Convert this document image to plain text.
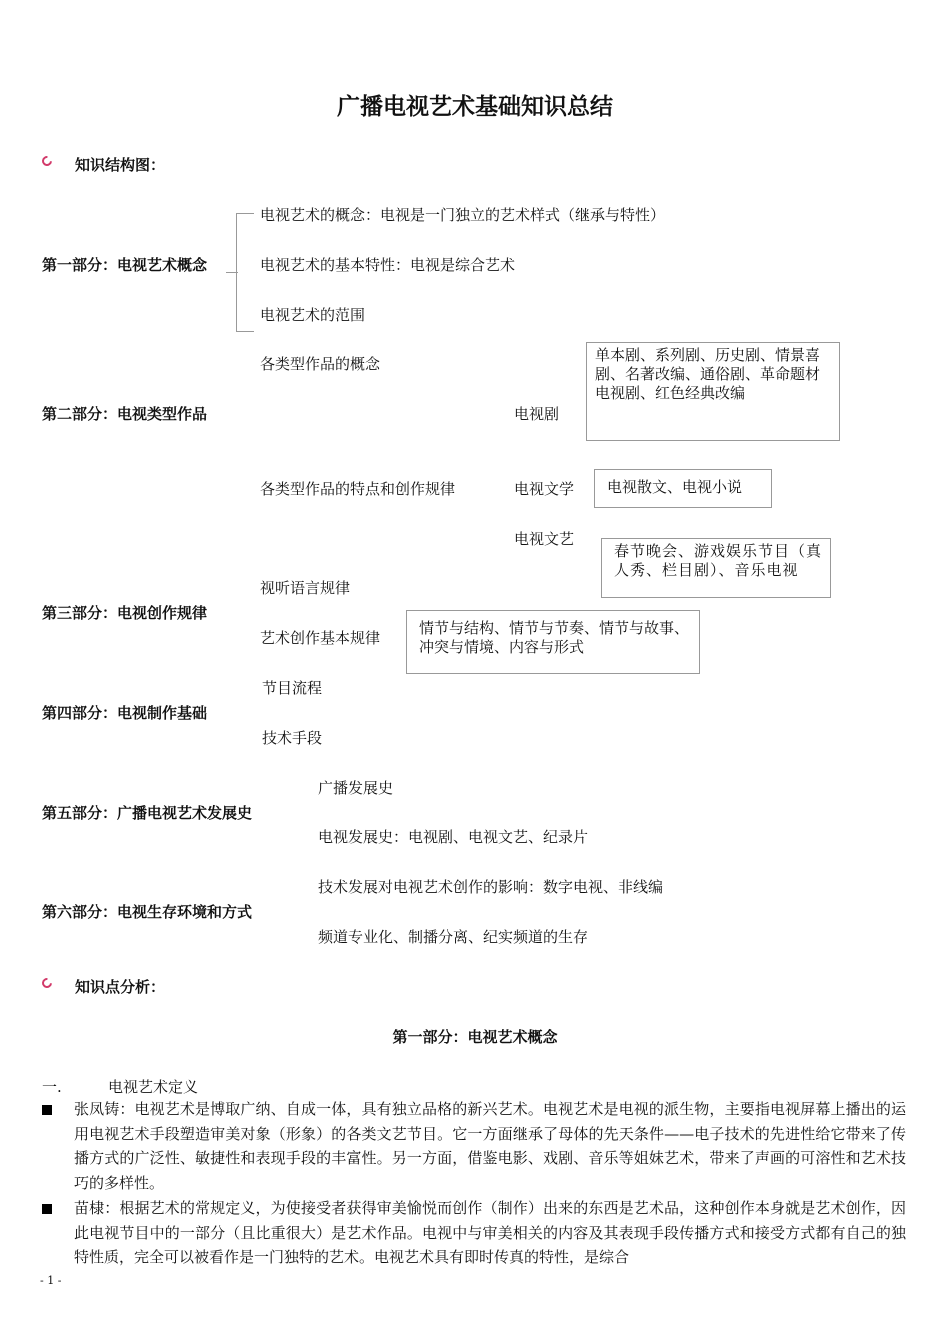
广播电视艺术基础知识总结
知识结构图：
第一部分：电视艺术概念
电视艺术的概念：电视是一门独立的艺术样式（继承与特性）
电视艺术的基本特性：电视是综合艺术
电视艺术的范围
第二部分：电视类型作品
各类型作品的概念
各类型作品的特点和创作规律
电视剧
单本剧、系列剧、历史剧、情景喜剧、名著改编、通俗剧、革命题材电视剧、红色经典改编
电视文学	电视散文、电视小说
电视文艺
春节晚会、游戏娱乐节目（真人秀、栏目剧）、音乐电视
第三部分：电视创作规律
视听语言规律
艺术创作基本规律
情节与结构、情节与节奏、情节与故事、冲突与情境、内容与形式
第四部分：电视制作基础
节目流程
技术手段
第五部分：广播电视艺术发展史
广播发展史
电视发展史：电视剧、电视文艺、纪录片
第六部分：电视生存环境和方式
技术发展对电视艺术创作的影响：数字电视、非线编
频道专业化、制播分离、纪实频道的生存
知识点分析：
第一部分：电视艺术概念
一.	电视艺术定义
张凤铸：电视艺术是博取广纳、自成一体，具有独立品格的新兴艺术。电视艺术是电视的派生物，主要指电视屏幕上播出的运用电视艺术手段塑造审美对象（形象）的各类文艺节目。它一方面继承了母体的先天条件——电子技术的先进性给它带来了传播方式的广泛性、敏捷性和表现手段的丰富性。另一方面，借鉴电影、戏剧、音乐等姐妹艺术，带来了声画的可溶性和艺术技巧的多样性。
苗棣：根据艺术的常规定义，为使接受者获得审美愉悦而创作（制作）出来的东西是艺术品，这种创作本身就是艺术创作，因此电视节目中的一部分（且比重很大）是艺术作品。电视中与审美相关的内容及其表现手段传播方式和接受方式都有自己的独特性质，完全可以被看作是一门独特的艺术。电视艺术具有即时传真的特性，是综合
- 1 -
